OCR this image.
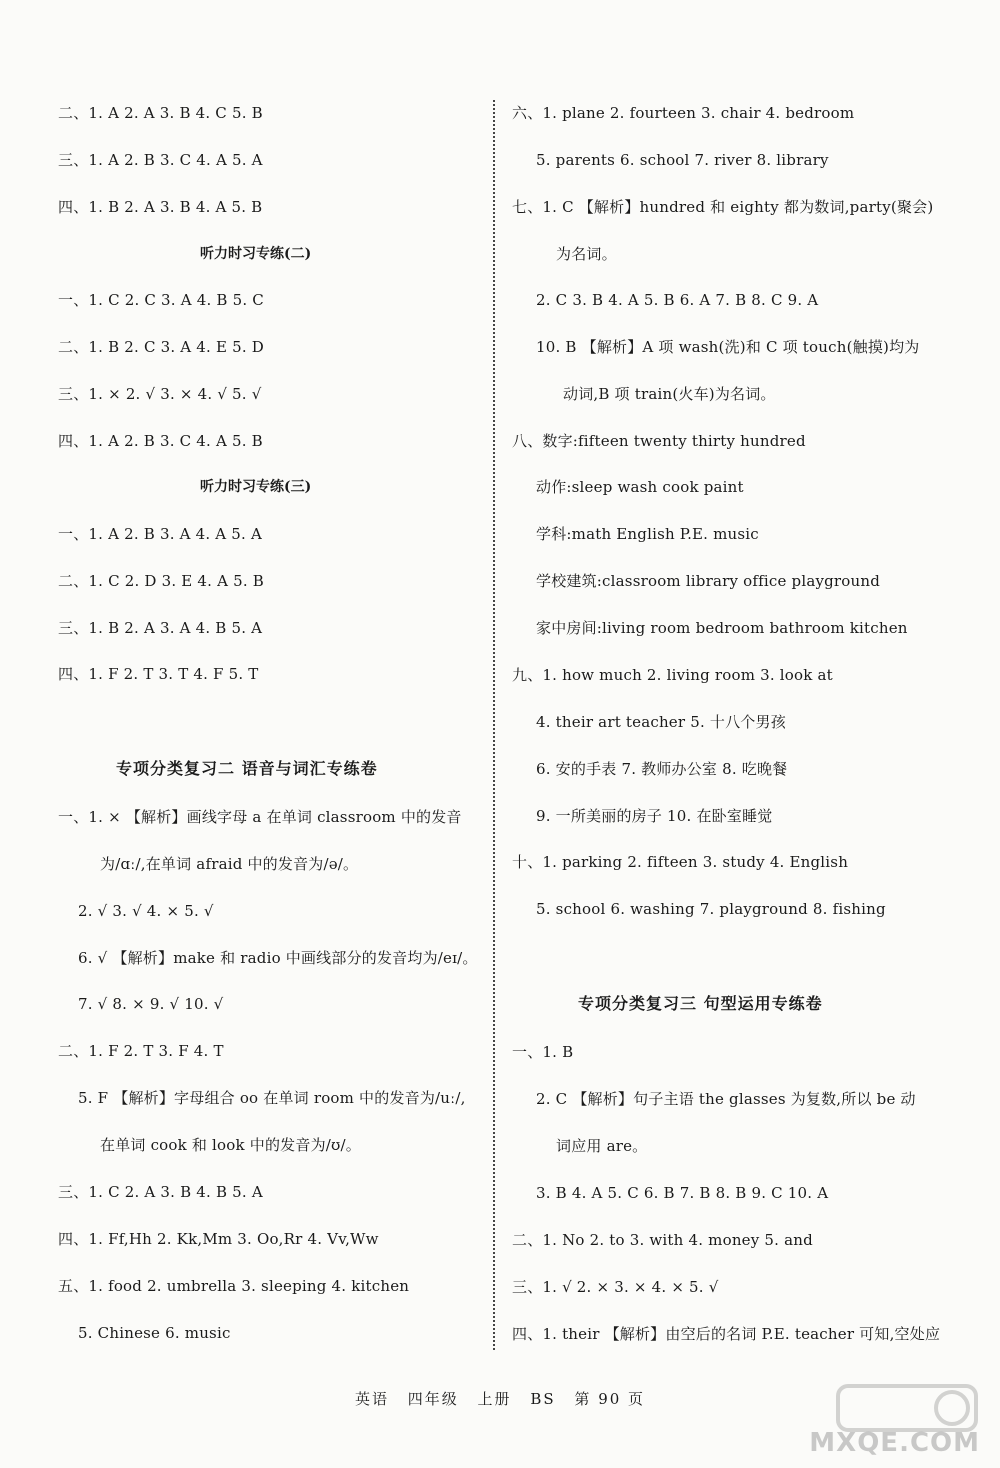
二、1. A 2. A 3. B 4. C 5. B
三、1. A 2. B 3. C 4. A 5. A
四、1. B 2. A 3. B 4. A 5. B
听力时习专练(二)
一、1. C 2. C 3. A 4. B 5. C
二、1. B 2. C 3. A 4. E 5. D
三、1. × 2. √ 3. × 4. √ 5. √
四、1. A 2. B 3. C 4. A 5. B
听力时习专练(三)
一、1. A 2. B 3. A 4. A 5. A
二、1. C 2. D 3. E 4. A 5. B
三、1. B 2. A 3. A 4. B 5. A
四、1. F 2. T 3. T 4. F 5. T
专项分类复习二 语音与词汇专练卷
一、1. × 【解析】画线字母 a 在单词 classroom 中的发音
为/ɑː/,在单词 afraid 中的发音为/ə/。
2. √ 3. √ 4. × 5. √
6. √ 【解析】make 和 radio 中画线部分的发音均为/eɪ/。
7. √ 8. × 9. √ 10. √
二、1. F 2. T 3. F 4. T
5. F 【解析】字母组合 oo 在单词 room 中的发音为/uː/,
在单词 cook 和 look 中的发音为/ʊ/。
三、1. C 2. A 3. B 4. B 5. A
四、1. Ff,Hh 2. Kk,Mm 3. Oo,Rr 4. Vv,Ww
五、1. food 2. umbrella 3. sleeping 4. kitchen
5. Chinese 6. music
六、1. plane 2. fourteen 3. chair 4. bedroom
5. parents 6. school 7. river 8. library
七、1. C 【解析】hundred 和 eighty 都为数词,party(聚会)
为名词。
2. C 3. B 4. A 5. B 6. A 7. B 8. C 9. A
10. B 【解析】A 项 wash(洗)和 C 项 touch(触摸)均为
动词,B 项 train(火车)为名词。
八、数字:fifteen twenty thirty hundred
动作:sleep wash cook paint
学科:math English P.E. music
学校建筑:classroom library office playground
家中房间:living room bedroom bathroom kitchen
九、1. how much 2. living room 3. look at
4. their art teacher 5. 十八个男孩
6. 安的手表 7. 教师办公室 8. 吃晚餐
9. 一所美丽的房子 10. 在卧室睡觉
十、1. parking 2. fifteen 3. study 4. English
5. school 6. washing 7. playground 8. fishing
专项分类复习三 句型运用专练卷
一、1. B
2. C 【解析】句子主语 the glasses 为复数,所以 be 动
词应用 are。
3. B 4. A 5. C 6. B 7. B 8. B 9. C 10. A
二、1. No 2. to 3. with 4. money 5. and
三、1. √ 2. × 3. × 4. × 5. √
四、1. their 【解析】由空后的名词 P.E. teacher 可知,空处应
英语 四年级 上册 BS 第 90 页
MXQE.COM
